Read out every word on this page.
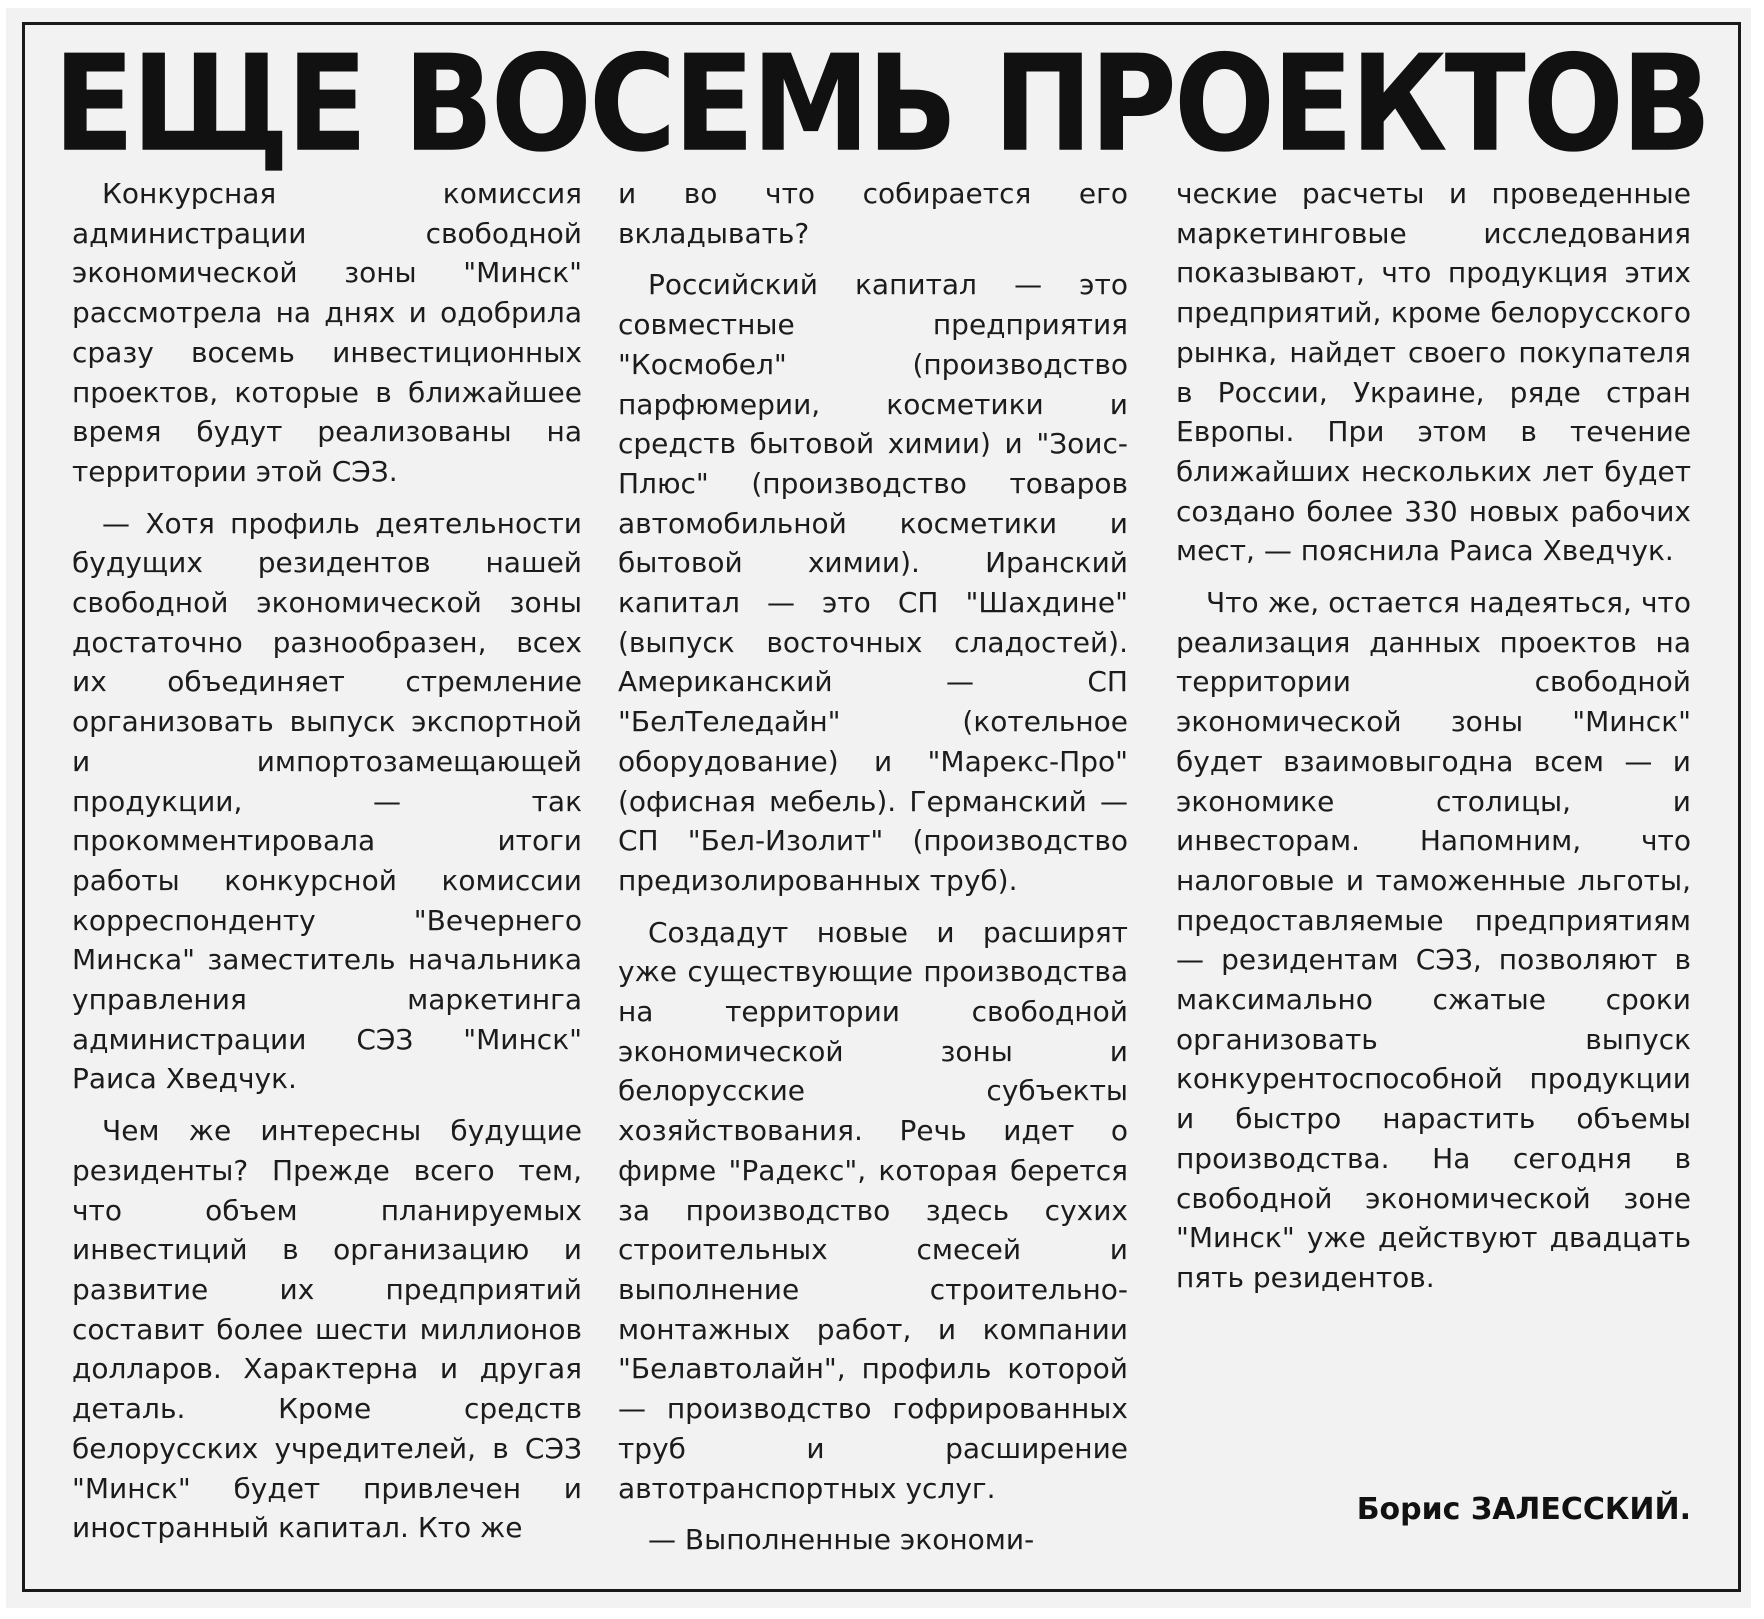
ЕЩЕ ВОСЕМЬ ПРОЕКТОВ

Конкурсная комиссия администрации свободной экономической зоны "Минск" рассмотрела на днях и одобрила сразу восемь инвестиционных проектов, которые в ближайшее время будут реализованы на территории этой СЭЗ.

— Хотя профиль деятельности будущих резидентов нашей свободной экономической зоны достаточно разнообразен, всех их объединяет стремление организовать выпуск экспортной и импортозамещающей продукции, — так прокомментировала итоги работы конкурсной комиссии корреспонденту "Вечернего Минска" заместитель начальника управления маркетинга администрации СЭЗ "Минск" Раиса Хведчук.

Чем же интересны будущие резиденты? Прежде всего тем, что объем планируемых инвестиций в организацию и развитие их предприятий составит более шести миллионов долларов. Характерна и другая деталь. Кроме средств белорусских учредителей, в СЭЗ "Минск" будет привлечен и иностранный капитал. Кто же

и во что собирается его вкладывать?

Российский капитал — это совместные предприятия "Космобел" (производство парфюмерии, косметики и средств бытовой химии) и "Зоис-Плюс" (производство товаров автомобильной косметики и бытовой химии). Иранский капитал — это СП "Шахдине" (выпуск восточных сладостей). Американский — СП "БелТеледайн" (котельное оборудование) и "Марекс-Про" (офисная мебель). Германский — СП "Бел-Изолит" (производство предизолированных труб).

Создадут новые и расширят уже существующие производства на территории свободной экономической зоны и белорусские субъекты хозяйствования. Речь идет о фирме "Радекс", которая берется за производство здесь сухих строительных смесей и выполнение строительно-монтажных работ, и компании "Белавтолайн", профиль которой — производство гофрированных труб и расширение автотранспортных услуг.

— Выполненные экономи-

ческие расчеты и проведенные маркетинговые исследования показывают, что продукция этих предприятий, кроме белорусского рынка, найдет своего покупателя в России, Украине, ряде стран Европы. При этом в течение ближайших нескольких лет будет создано более 330 новых рабочих мест, — пояснила Раиса Хведчук.

Что же, остается надеяться, что реализация данных проектов на территории свободной экономической зоны "Минск" будет взаимовыгодна всем — и экономике столицы, и инвесторам. Напомним, что налоговые и таможенные льготы, предоставляемые предприятиям — резидентам СЭЗ, позволяют в максимально сжатые сроки организовать выпуск конкурентоспособной продукции и быстро нарастить объемы производства. На сегодня в свободной экономической зоне "Минск" уже действуют двадцать пять резидентов.

Борис ЗАЛЕССКИЙ.
